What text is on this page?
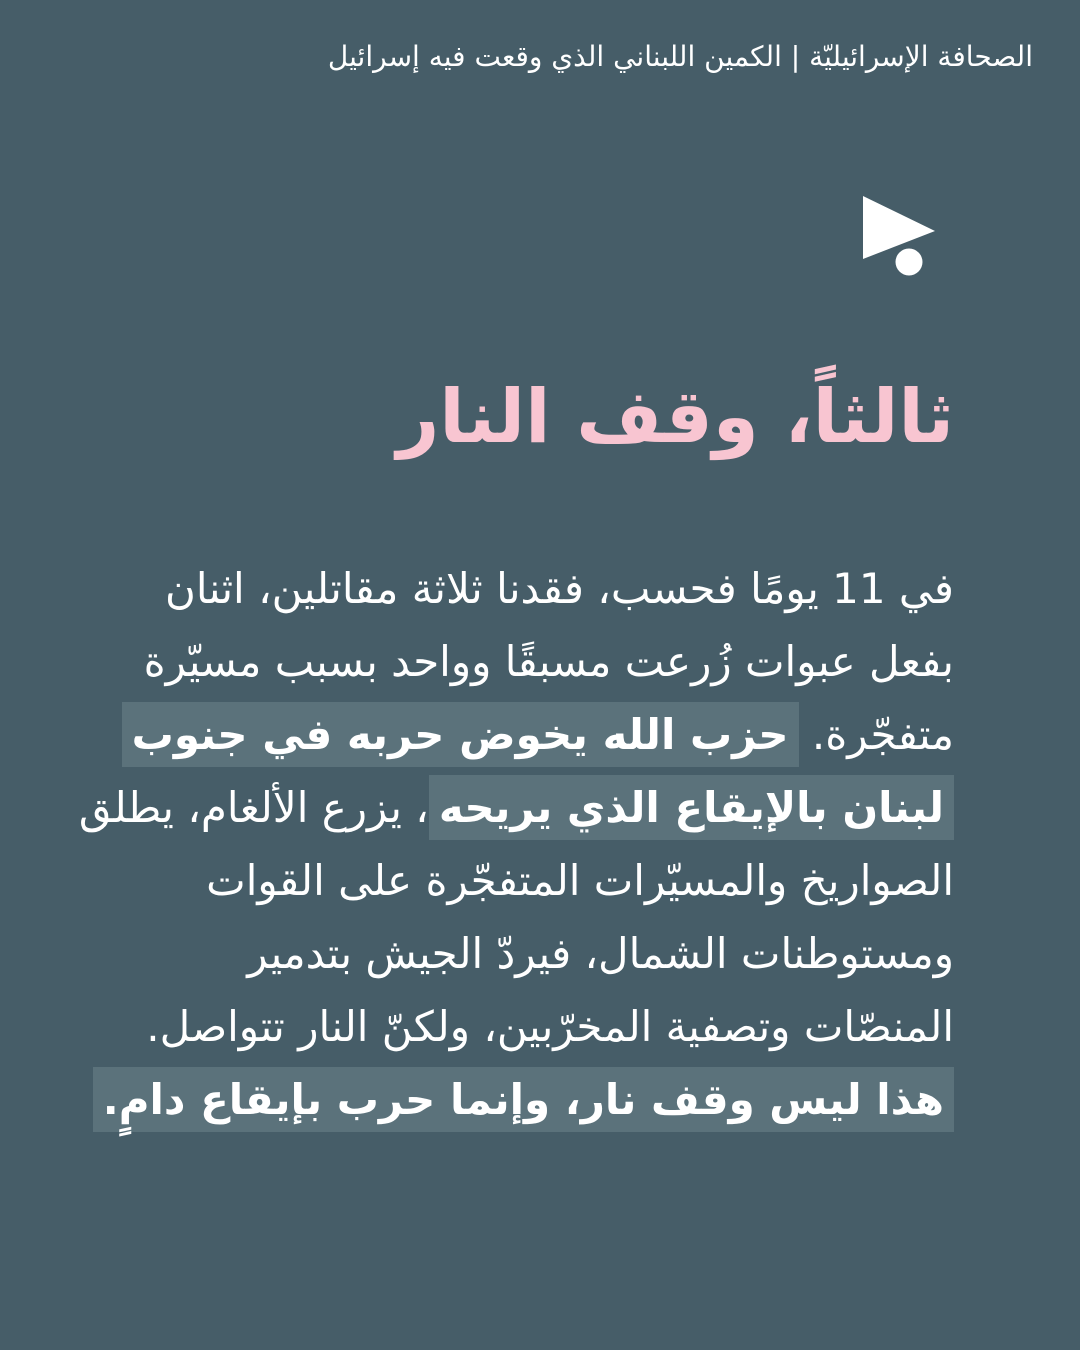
الصحافة الإسرائيليّة | الكمين اللبناني الذي وقعت فيه إسرائيل
ثالثاً، وقف النار
في 11 يومًا فحسب، فقدنا ثلاثة مقاتلين، اثنان
بفعل عبوات زُرعت مسبقًا وواحد بسبب مسيّرة
متفجّرة. حزب الله يخوض حربه في جنوب
لبنان بالإيقاع الذي يريحه، يزرع الألغام، يطلق
الصواريخ والمسيّرات المتفجّرة على القوات
ومستوطنات الشمال، فيردّ الجيش بتدمير
المنصّات وتصفية المخرّبين، ولكنّ النار تتواصل.
هذا ليس وقف نار، وإنما حرب بإيقاع دامٍ.
